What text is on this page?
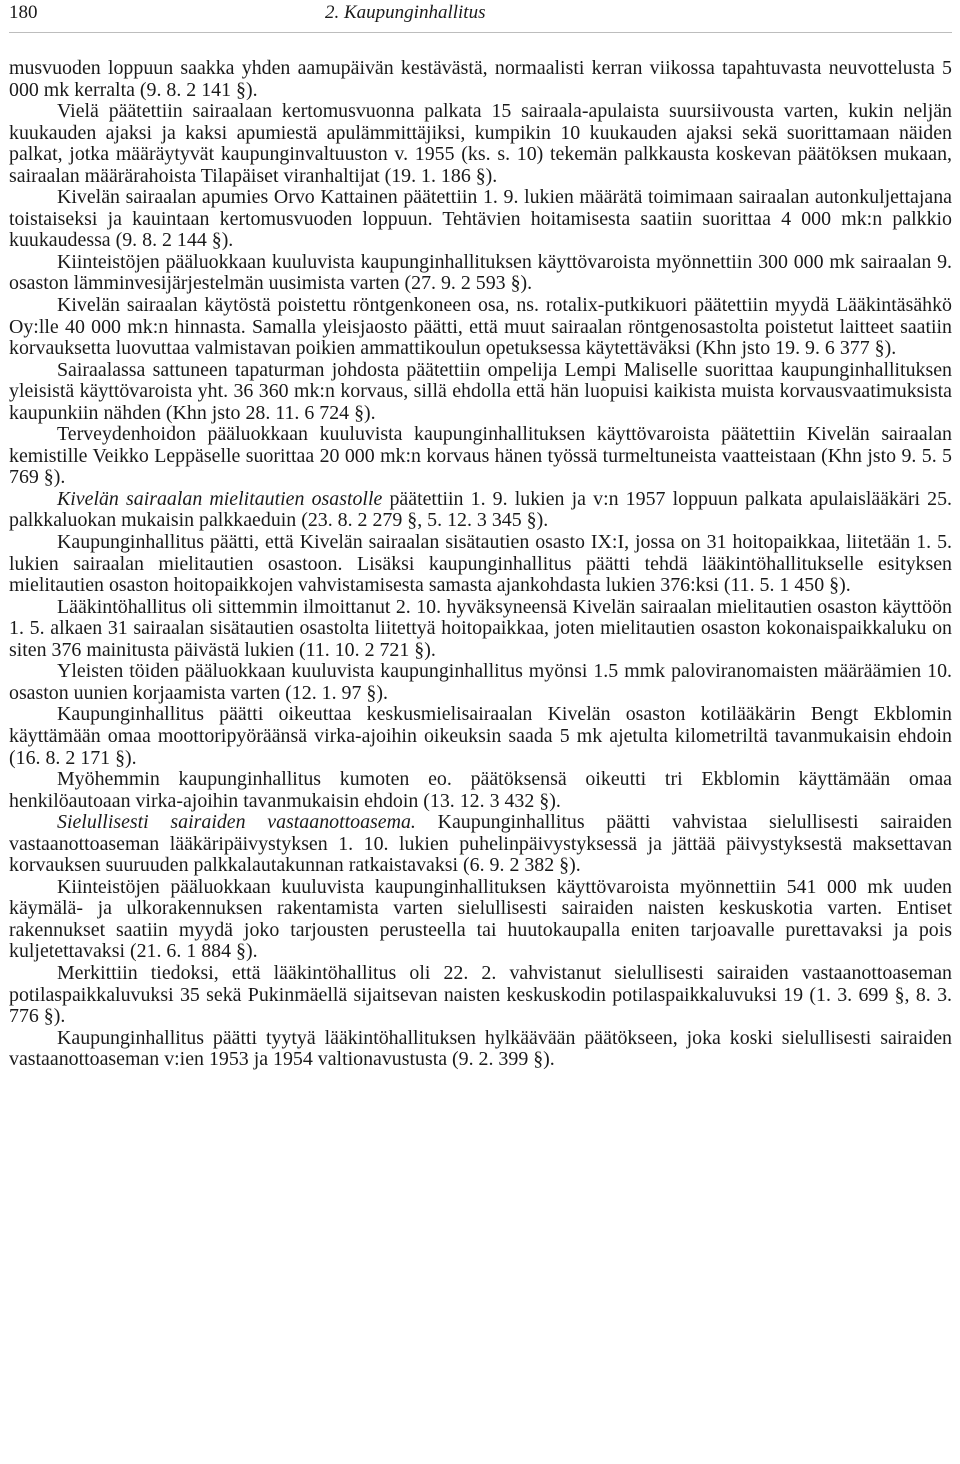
180	2. Kaupunginhallitus

musvuoden loppuun saakka yhden aamupäivän kestävästä, normaalisti kerran viikossa tapahtuvasta neuvottelusta 5 000 mk kerralta (9. 8. 2 141 §).

Vielä päätettiin sairaalaan kertomusvuonna palkata 15 sairaala-apulaista suursiivousta varten, kukin neljän kuukauden ajaksi ja kaksi apumiestä apulämmittäjiksi, kumpikin 10 kuukauden ajaksi sekä suorittamaan näiden palkat, jotka määräytyvät kaupunginvaltuuston v. 1955 (ks. s. 10) tekemän palkkausta koskevan päätöksen mukaan, sairaalan määrärahoista Tilapäiset viranhaltijat (19. 1. 186 §).

Kivelän sairaalan apumies Orvo Kattainen päätettiin 1. 9. lukien määrätä toimimaan sairaalan autonkuljettajana toistaiseksi ja kauintaan kertomusvuoden loppuun. Tehtävien hoitamisesta saatiin suorittaa 4 000 mk:n palkkio kuukaudessa (9. 8. 2 144 §).

Kiinteistöjen pääluokkaan kuuluvista kaupunginhallituksen käyttövaroista myönnettiin 300 000 mk sairaalan 9. osaston lämminvesijärjestelmän uusimista varten (27. 9. 2 593 §).

Kivelän sairaalan käytöstä poistettu röntgenkoneen osa, ns. rotalix-putkikuori päätettiin myydä Lääkintäsähkö Oy:lle 40 000 mk:n hinnasta. Samalla yleisjaosto päätti, että muut sairaalan röntgenosastolta poistetut laitteet saatiin korvauksetta luovuttaa valmistavan poikien ammattikoulun opetuksessa käytettäväksi (Khn jsto 19. 9. 6 377 §).

Sairaalassa sattuneen tapaturman johdosta päätettiin ompelija Lempi Maliselle suorittaa kaupunginhallituksen yleisistä käyttövaroista yht. 36 360 mk:n korvaus, sillä ehdolla että hän luopuisi kaikista muista korvausvaatimuksista kaupunkiin nähden (Khn jsto 28. 11. 6 724 §).

Terveydenhoidon pääluokkaan kuuluvista kaupunginhallituksen käyttövaroista päätettiin Kivelän sairaalan kemistille Veikko Leppäselle suorittaa 20 000 mk:n korvaus hänen työssä turmeltuneista vaatteistaan (Khn jsto 9. 5. 5 769 §).

Kivelän sairaalan mielitautien osastolle päätettiin 1. 9. lukien ja v:n 1957 loppuun palkata apulaislääkäri 25. palkkaluokan mukaisin palkkaeduin (23. 8. 2 279 §, 5. 12. 3 345 §).

Kaupunginhallitus päätti, että Kivelän sairaalan sisätautien osasto IX:I, jossa on 31 hoitopaikkaa, liitetään 1. 5. lukien sairaalan mielitautien osastoon. Lisäksi kaupunginhallitus päätti tehdä lääkintöhallitukselle esityksen mielitautien osaston hoitopaikkojen vahvistamisesta samasta ajankohdasta lukien 376:ksi (11. 5. 1 450 §).

Lääkintöhallitus oli sittemmin ilmoittanut 2. 10. hyväksyneensä Kivelän sairaalan mielitautien osaston käyttöön 1. 5. alkaen 31 sairaalan sisätautien osastolta liitettyä hoitopaikkaa, joten mielitautien osaston kokonaispaikkaluku on siten 376 mainitusta päivästä lukien (11. 10. 2 721 §).

Yleisten töiden pääluokkaan kuuluvista kaupunginhallitus myönsi 1.5 mmk paloviranomaisten määräämien 10. osaston uunien korjaamista varten (12. 1. 97 §).

Kaupunginhallitus päätti oikeuttaa keskusmielisairaalan Kivelän osaston kotilääkärin Bengt Ekblomin käyttämään omaa moottoripyöräänsä virka-ajoihin oikeuksin saada 5 mk ajetulta kilometriltä tavanmukaisin ehdoin (16. 8. 2 171 §).

Myöhemmin kaupunginhallitus kumoten eo. päätöksensä oikeutti tri Ekblomin käyttämään omaa henkilöautoaan virka-ajoihin tavanmukaisin ehdoin (13. 12. 3 432 §).

Sielullisesti sairaiden vastaanottoasema. Kaupunginhallitus päätti vahvistaa sielullisesti sairaiden vastaanottoaseman lääkäripäivystyksen 1. 10. lukien puhelinpäivystyksessä ja jättää päivystyksestä maksettavan korvauksen suuruuden palkkalautakunnan ratkaistavaksi (6. 9. 2 382 §).

Kiinteistöjen pääluokkaan kuuluvista kaupunginhallituksen käyttövaroista myönnettiin 541 000 mk uuden käymälä- ja ulkorakennuksen rakentamista varten sielullisesti sairaiden naisten keskuskotia varten. Entiset rakennukset saatiin myydä joko tarjousten perusteella tai huutokaupalla eniten tarjoavalle purettavaksi ja pois kuljetettavaksi (21. 6. 1 884 §).

Merkittiin tiedoksi, että lääkintöhallitus oli 22. 2. vahvistanut sielullisesti sairaiden vastaanottoaseman potilaspaikkaluvuksi 35 sekä Pukinmäellä sijaitsevan naisten keskuskodin potilaspaikkaluvuksi 19 (1. 3. 699 §, 8. 3. 776 §).

Kaupunginhallitus päätti tyytyä lääkintöhallituksen hylkäävään päätökseen, joka koski sielullisesti sairaiden vastaanottoaseman v:ien 1953 ja 1954 valtionavustusta (9. 2. 399 §).
